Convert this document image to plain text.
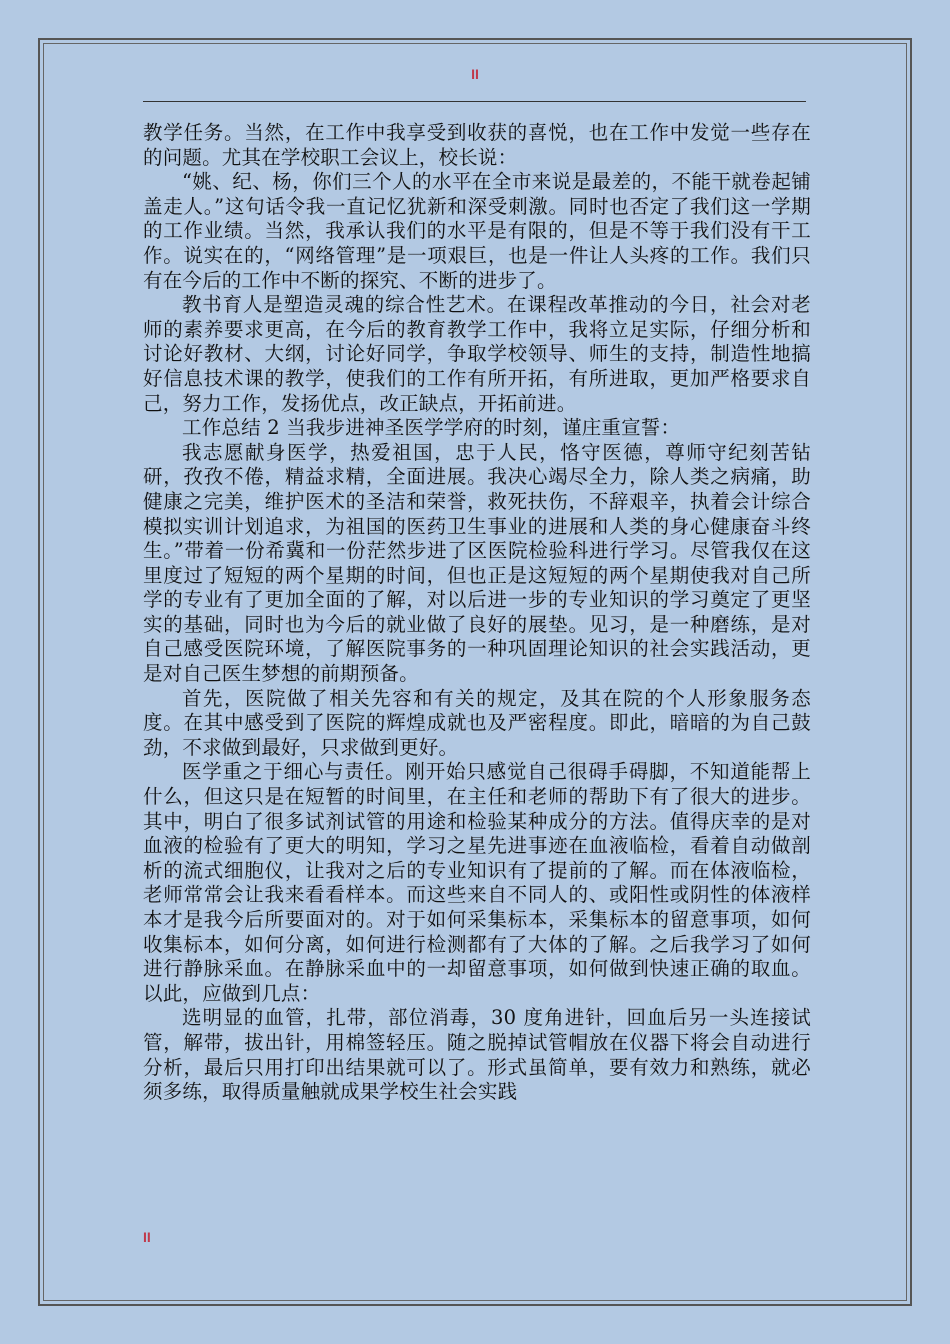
II

教学任务。当然，在工作中我享受到收获的喜悦，也在工作中发觉一些存在的问题。尤其在学校职工会议上，校长说：

“姚、纪、杨，你们三个人的水平在全市来说是最差的，不能干就卷起铺盖走人。”这句话令我一直记忆犹新和深受刺激。同时也否定了我们这一学期的工作业绩。当然，我承认我们的水平是有限的，但是不等于我们没有干工作。说实在的，“网络管理”是一项艰巨，也是一件让人头疼的工作。我们只有在今后的工作中不断的探究、不断的进步了。

教书育人是塑造灵魂的综合性艺术。在课程改革推动的今日，社会对老师的素养要求更高，在今后的教育教学工作中，我将立足实际，仔细分析和讨论好教材、大纲，讨论好同学，争取学校领导、师生的支持，制造性地搞好信息技术课的教学，使我们的工作有所开拓，有所进取，更加严格要求自己，努力工作，发扬优点，改正缺点，开拓前进。

工作总结 2 当我步进神圣医学学府的时刻，谨庄重宣誓：

我志愿献身医学，热爱祖国，忠于人民，恪守医德，尊师守纪刻苦钻研，孜孜不倦，精益求精，全面进展。我决心竭尽全力，除人类之病痛，助健康之完美，维护医术的圣洁和荣誉，救死扶伤，不辞艰辛，执着会计综合模拟实训计划追求，为祖国的医药卫生事业的进展和人类的身心健康奋斗终生。”带着一份希冀和一份茫然步进了区医院检验科进行学习。尽管我仅在这里度过了短短的两个星期的时间，但也正是这短短的两个星期使我对自己所学的专业有了更加全面的了解，对以后进一步的专业知识的学习奠定了更坚实的基础，同时也为今后的就业做了良好的展垫。见习，是一种磨练，是对自己感受医院环境，了解医院事务的一种巩固理论知识的社会实践活动，更是对自己医生梦想的前期预备。

首先，医院做了相关先容和有关的规定，及其在院的个人形象服务态度。在其中感受到了医院的辉煌成就也及严密程度。即此，暗暗的为自己鼓劲，不求做到最好，只求做到更好。

医学重之于细心与责任。刚开始只感觉自己很碍手碍脚，不知道能帮上什么，但这只是在短暂的时间里，在主任和老师的帮助下有了很大的进步。其中，明白了很多试剂试管的用途和检验某种成分的方法。值得庆幸的是对血液的检验有了更大的明知，学习之星先进事迹在血液临检，看着自动做剖析的流式细胞仪，让我对之后的专业知识有了提前的了解。而在体液临检，老师常常会让我来看看样本。而这些来自不同人的、或阳性或阴性的体液样本才是我今后所要面对的。对于如何采集标本，采集标本的留意事项，如何收集标本，如何分离，如何进行检测都有了大体的了解。之后我学习了如何进行静脉采血。在静脉采血中的一却留意事项，如何做到快速正确的取血。以此，应做到几点：

选明显的血管，扎带，部位消毒，30 度角进针，回血后另一头连接试管，解带，拔出针，用棉签轻压。随之脱掉试管帽放在仪器下将会自动进行分析，最后只用打印出结果就可以了。形式虽简单，要有效力和熟练，就必须多练，取得质量触就成果学校生社会实践

II
